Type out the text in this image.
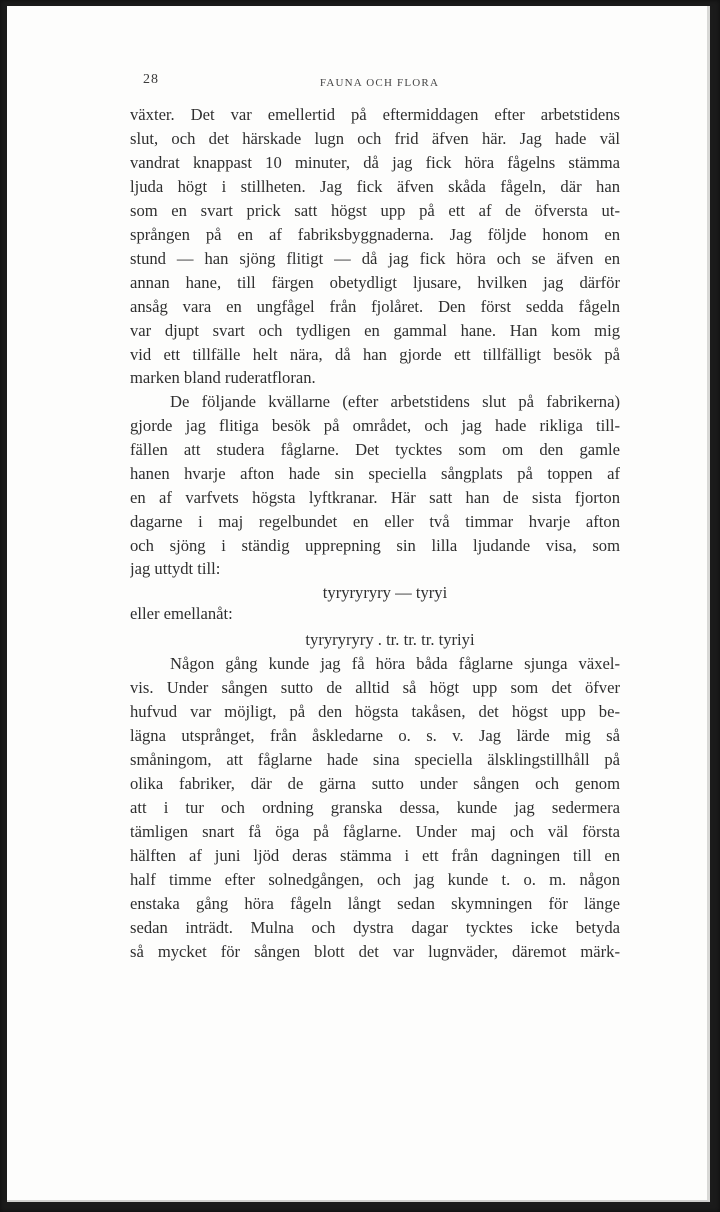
28	FAUNA OCH FLORA
växter. Det var emellertid på eftermiddagen efter arbetstidens
slut, och det härskade lugn och frid äfven här. Jag hade väl
vandrat knappast 10 minuter, då jag fick höra fågelns stämma
ljuda högt i stillheten. Jag fick äfven skåda fågeln, där han
som en svart prick satt högst upp på ett af de öfversta ut-
sprången på en af fabriksbyggnaderna. Jag följde honom en
stund — han sjöng flitigt — då jag fick höra och se äfven en
annan hane, till färgen obetydligt ljusare, hvilken jag därför
ansåg vara en ungfågel från fjolåret. Den först sedda fågeln
var djupt svart och tydligen en gammal hane. Han kom mig
vid ett tillfälle helt nära, då han gjorde ett tillfälligt besök på
marken bland ruderatfloran.
De följande kvällarne (efter arbetstidens slut på fabrikerna)
gjorde jag flitiga besök på området, och jag hade rikliga till-
fällen att studera fåglarne. Det tycktes som om den gamle
hanen hvarje afton hade sin speciella sångplats på toppen af
en af varfvets högsta lyftkranar. Här satt han de sista fjorton
dagarne i maj regelbundet en eller två timmar hvarje afton
och sjöng i ständig upprepning sin lilla ljudande visa, som
jag uttydt till:
tyryryryry — tyryi
eller emellanåt:
tyryryryry . tr. tr. tr. tyriyi
Någon gång kunde jag få höra båda fåglarne sjunga växel-
vis. Under sången sutto de alltid så högt upp som det öfver
hufvud var möjligt, på den högsta takåsen, det högst upp be-
lägna utsprånget, från åskledarne o. s. v. Jag lärde mig så
småningom, att fåglarne hade sina speciella älsklingstillhåll på
olika fabriker, där de gärna sutto under sången och genom
att i tur och ordning granska dessa, kunde jag sedermera
tämligen snart få öga på fåglarne. Under maj och väl första
hälften af juni ljöd deras stämma i ett från dagningen till en
half timme efter solnedgången, och jag kunde t. o. m. någon
enstaka gång höra fågeln långt sedan skymningen för länge
sedan inträdt. Mulna och dystra dagar tycktes icke betyda
så mycket för sången blott det var lugnväder, däremot märk-
